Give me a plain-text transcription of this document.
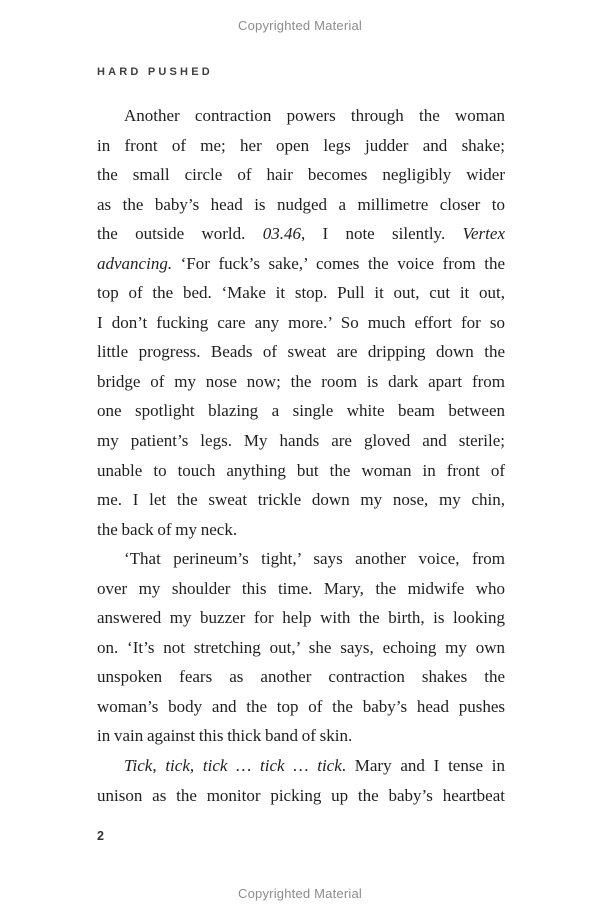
Copyrighted Material
HARD PUSHED
Another contraction powers through the woman
in front of me; her open legs judder and shake;
the small circle of hair becomes negligibly wider
as the baby’s head is nudged a millimetre closer to
the outside world. 03.46, I note silently. Vertex
advancing. ‘For fuck’s sake,’ comes the voice from the
top of the bed. ‘Make it stop. Pull it out, cut it out,
I don’t fucking care any more.’ So much effort for so
little progress. Beads of sweat are dripping down the
bridge of my nose now; the room is dark apart from
one spotlight blazing a single white beam between
my patient’s legs. My hands are gloved and sterile;
unable to touch anything but the woman in front of
me. I let the sweat trickle down my nose, my chin,
the back of my neck.
‘That perineum’s tight,’ says another voice, from
over my shoulder this time. Mary, the midwife who
answered my buzzer for help with the birth, is looking
on. ‘It’s not stretching out,’ she says, echoing my own
unspoken fears as another contraction shakes the
woman’s body and the top of the baby’s head pushes
in vain against this thick band of skin.
Tick, tick, tick … tick … tick. Mary and I tense in
unison as the monitor picking up the baby’s heartbeat
2
Copyrighted Material
